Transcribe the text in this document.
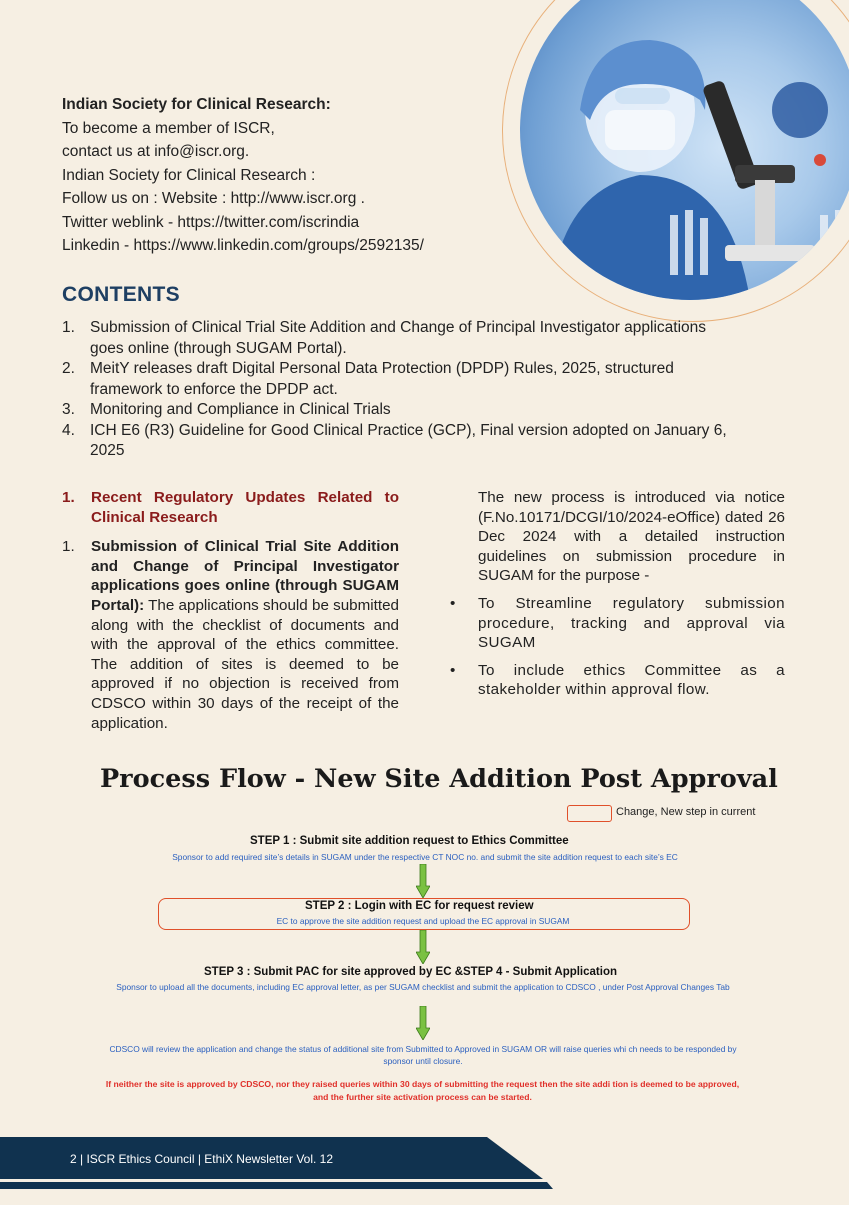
Indian Society for Clinical Research:
To become a member of ISCR,
contact us at info@iscr.org.
Indian Society for Clinical Research :
Follow us on : Website : http://www.iscr.org .
Twitter weblink - https://twitter.com/iscrindia
Linkedin - https://www.linkedin.com/groups/2592135/
CONTENTS
1. Submission of Clinical Trial Site Addition and Change of Principal Investigator applications goes online (through SUGAM Portal).
2. MeitY releases draft Digital Personal Data Protection (DPDP) Rules, 2025, structured framework to enforce the DPDP act.
3. Monitoring and Compliance in Clinical Trials
4. ICH E6 (R3) Guideline for Good Clinical Practice (GCP), Final version adopted on January 6, 2025
1. Recent Regulatory Updates Related to Clinical Research
1. Submission of Clinical Trial Site Addition and Change of Principal Investigator applications goes online (through SUGAM Portal): The applications should be submitted along with the checklist of documents and with the approval of the ethics committee. The addition of sites is deemed to be approved if no objection is received from CDSCO within 30 days of the receipt of the application.

The new process is introduced via notice (F.No.10171/DCGI/10/2024-eOffice) dated 26 Dec 2024 with a detailed instruction guidelines on submission procedure in SUGAM for the purpose -

• To Streamline regulatory submission procedure, tracking and approval via SUGAM
• To include ethics Committee as a stakeholder within approval flow.
Process Flow - New Site Addition Post Approval
Change, New step in current
STEP 1 : Submit site addition request to Ethics Committee
Sponsor to add required site’s details in SUGAM under the respective CT NOC no. and submit the site addition request to each site’s EC
STEP 2 : Login with EC for request review
EC to approve the site addition request and upload the EC approval in SUGAM
STEP 3 : Submit PAC for site approved by EC &STEP 4 - Submit Application
Sponsor to upload all the documents, including EC approval letter, as per SUGAM checklist and submit the application to CDSCO , under Post Approval Changes Tab
CDSCO will review the application and change the status of additional site from Submitted to Approved in SUGAM OR will raise queries whi ch needs to be responded by sponsor until closure.
If neither the site is approved by CDSCO, nor they raised queries within 30 days of submitting the request then the site addi tion is deemed to be approved, and the further site activation process can be started.
2 | ISCR Ethics Council | EthiX Newsletter Vol. 12
